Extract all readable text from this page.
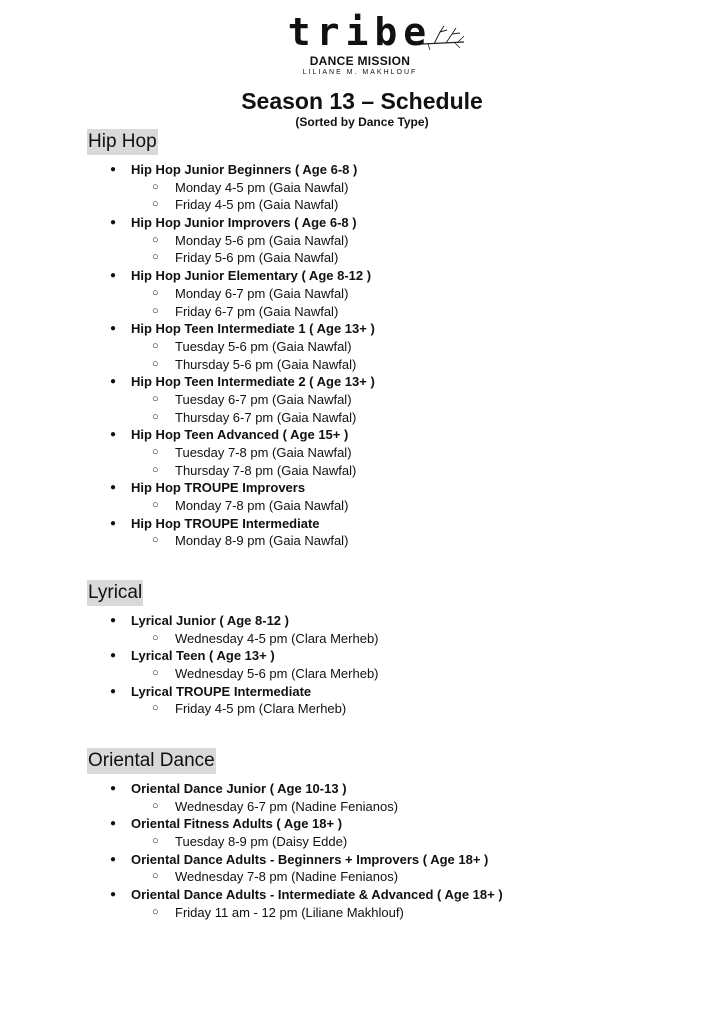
tribe
DANCE MISSION
LILIANE M. MAKHLOUF
Season 13 – Schedule
(Sorted by Dance Type)
Hip Hop
● Hip Hop Junior Beginners ( Age 6-8 )
○ Monday 4-5 pm (Gaia Nawfal)
○ Friday 4-5 pm (Gaia Nawfal)
● Hip Hop Junior Improvers ( Age 6-8 )
○ Monday 5-6 pm (Gaia Nawfal)
○ Friday 5-6 pm (Gaia Nawfal)
● Hip Hop Junior Elementary ( Age 8-12 )
○ Monday 6-7 pm (Gaia Nawfal)
○ Friday 6-7 pm (Gaia Nawfal)
● Hip Hop Teen Intermediate 1 ( Age 13+ )
○ Tuesday 5-6 pm (Gaia Nawfal)
○ Thursday 5-6 pm (Gaia Nawfal)
● Hip Hop Teen Intermediate 2 ( Age 13+ )
○ Tuesday 6-7 pm (Gaia Nawfal)
○ Thursday 6-7 pm (Gaia Nawfal)
● Hip Hop Teen Advanced ( Age 15+ )
○ Tuesday 7-8 pm (Gaia Nawfal)
○ Thursday 7-8 pm (Gaia Nawfal)
● Hip Hop TROUPE Improvers
○ Monday 7-8 pm (Gaia Nawfal)
● Hip Hop TROUPE Intermediate
○ Monday 8-9 pm (Gaia Nawfal)
Lyrical
● Lyrical Junior ( Age 8-12 )
○ Wednesday 4-5 pm (Clara Merheb)
● Lyrical Teen ( Age 13+ )
○ Wednesday 5-6 pm (Clara Merheb)
● Lyrical TROUPE Intermediate
○ Friday 4-5 pm (Clara Merheb)
Oriental Dance
● Oriental Dance Junior ( Age 10-13 )
○ Wednesday 6-7 pm (Nadine Fenianos)
● Oriental Fitness Adults ( Age 18+ )
○ Tuesday 8-9 pm (Daisy Edde)
● Oriental Dance Adults - Beginners + Improvers ( Age 18+ )
○ Wednesday 7-8 pm (Nadine Fenianos)
● Oriental Dance Adults - Intermediate & Advanced ( Age 18+ )
○ Friday 11 am - 12 pm (Liliane Makhlouf)
